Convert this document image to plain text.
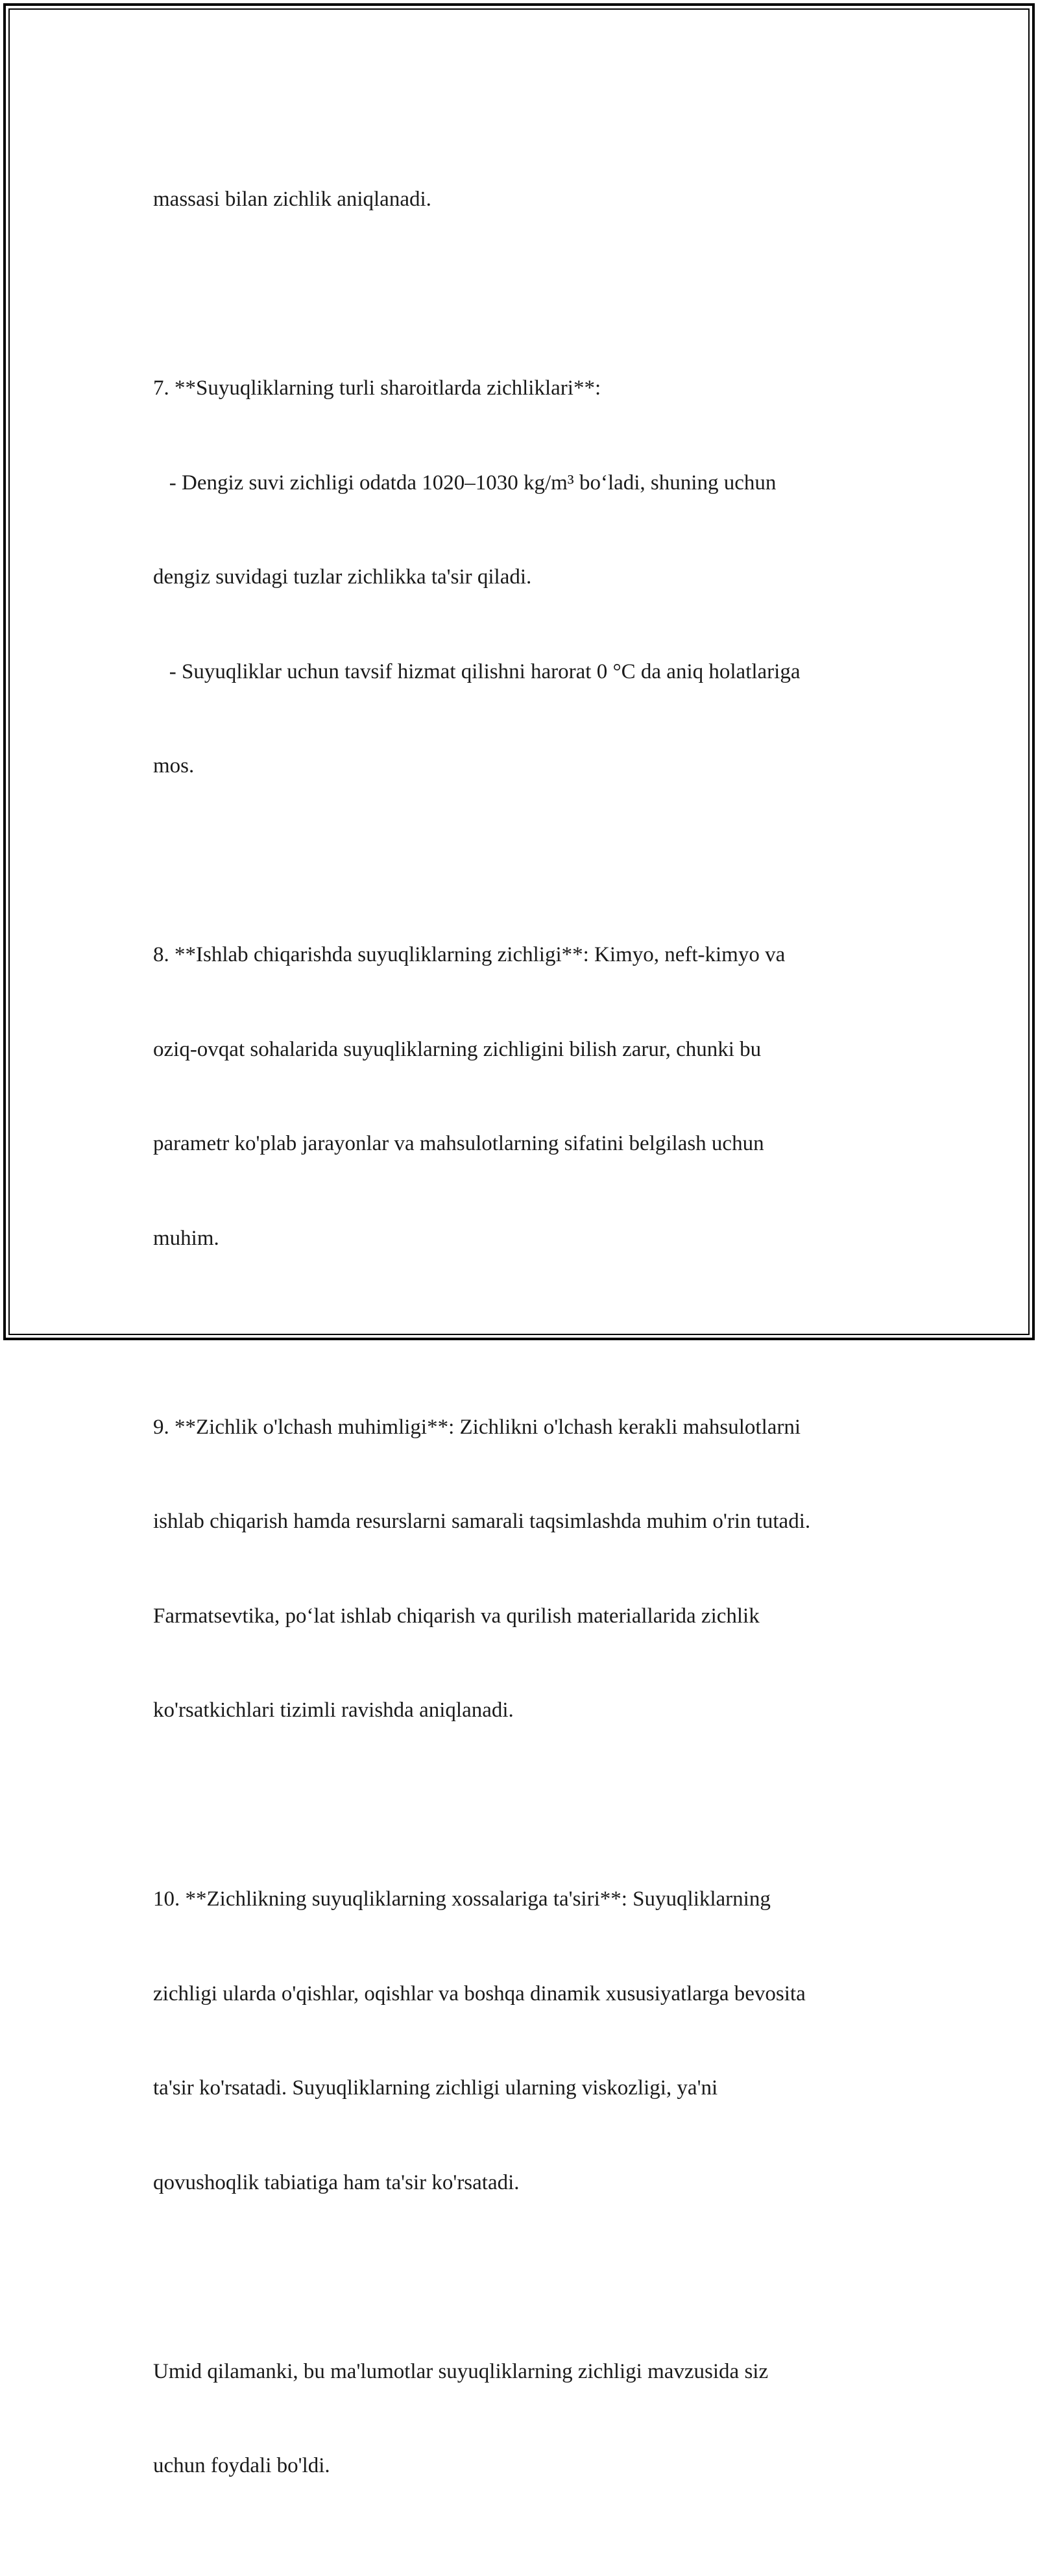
massasi bilan zichlik aniqlanadi.

7. **Suyuqliklarning turli sharoitlarda zichliklari**:

- Dengiz suvi zichligi odatda 1020–1030 kg/m³ bo‘ladi, shuning uchun

dengiz suvidagi tuzlar zichlikka ta'sir qiladi.

- Suyuqliklar uchun tavsif hizmat qilishni harorat 0 °C da aniq holatlariga

mos.

8. **Ishlab chiqarishda suyuqliklarning zichligi**: Kimyo, neft-kimyo va

oziq-ovqat sohalarida suyuqliklarning zichligini bilish zarur, chunki bu

parametr ko'plab jarayonlar va mahsulotlarning sifatini belgilash uchun

muhim.

9. **Zichlik o'lchash muhimligi**: Zichlikni o'lchash kerakli mahsulotlarni

ishlab chiqarish hamda resurslarni samarali taqsimlashda muhim o'rin tutadi.

Farmatsevtika, po‘lat ishlab chiqarish va qurilish materiallarida zichlik

ko'rsatkichlari tizimli ravishda aniqlanadi.

10. **Zichlikning suyuqliklarning xossalariga ta'siri**: Suyuqliklarning

zichligi ularda o'qishlar, oqishlar va boshqa dinamik xususiyatlarga bevosita

ta'sir ko'rsatadi. Suyuqliklarning zichligi ularning viskozligi, ya'ni

qovushoqlik tabiatiga ham ta'sir ko'rsatadi.

Umid qilamanki, bu ma'lumotlar suyuqliklarning zichligi mavzusida siz

uchun foydali bo'ldi.
